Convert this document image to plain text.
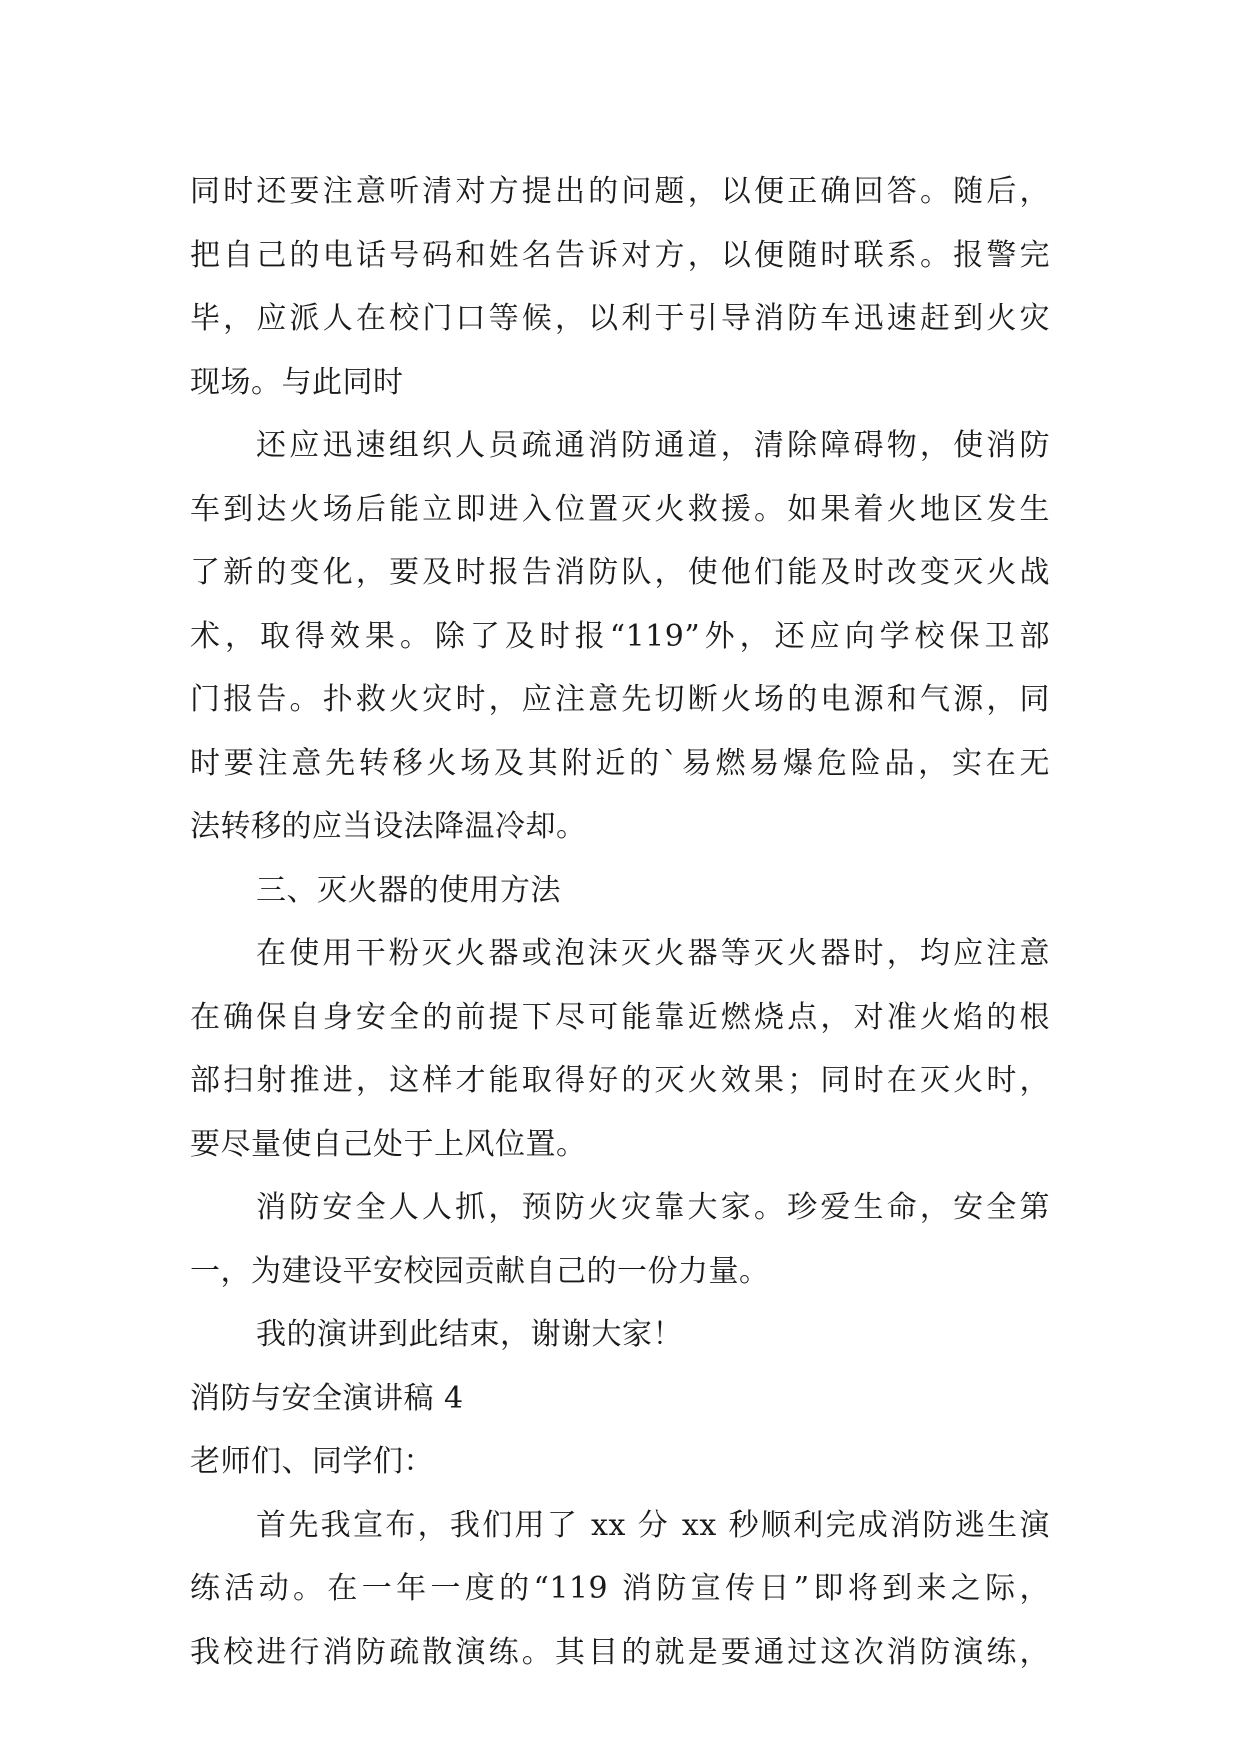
同时还要注意听清对方提出的问题，以便正确回答。随后，
把自己的电话号码和姓名告诉对方，以便随时联系。报警完
毕，应派人在校门口等候，以利于引导消防车迅速赶到火灾
现场。与此同时
还应迅速组织人员疏通消防通道，清除障碍物，使消防
车到达火场后能立即进入位置灭火救援。如果着火地区发生
了新的变化，要及时报告消防队，使他们能及时改变灭火战
术，取得效果。除了及时报“119”外，还应向学校保卫部
门报告。扑救火灾时，应注意先切断火场的电源和气源，同
时要注意先转移火场及其附近的`易燃易爆危险品，实在无
法转移的应当设法降温冷却。
三、灭火器的使用方法
在使用干粉灭火器或泡沫灭火器等灭火器时，均应注意
在确保自身安全的前提下尽可能靠近燃烧点，对准火焰的根
部扫射推进，这样才能取得好的灭火效果；同时在灭火时，
要尽量使自己处于上风位置。
消防安全人人抓，预防火灾靠大家。珍爱生命，安全第
一，为建设平安校园贡献自己的一份力量。
我的演讲到此结束，谢谢大家！
消防与安全演讲稿 4
老师们、同学们：
首先我宣布，我们用了 xx 分 xx 秒顺利完成消防逃生演
练活动。在一年一度的“119 消防宣传日”即将到来之际，
我校进行消防疏散演练。其目的就是要通过这次消防演练，
